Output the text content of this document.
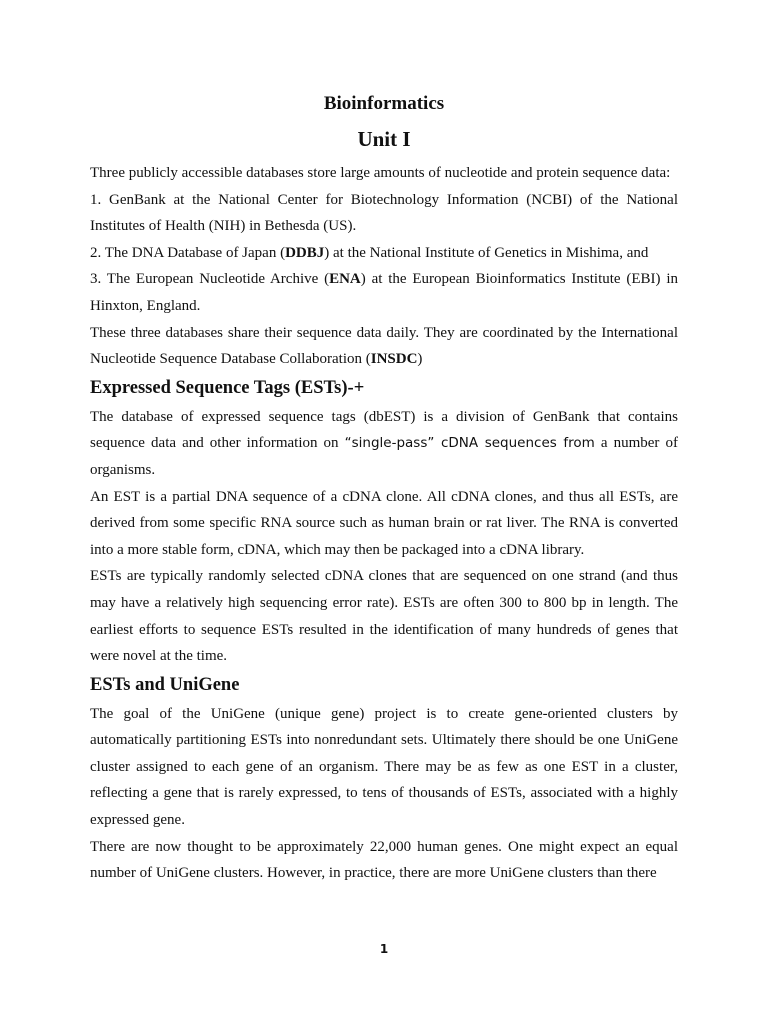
Bioinformatics
Unit I

Three publicly accessible databases store large amounts of nucleotide and protein sequence data:

1. GenBank at the National Center for Biotechnology Information (NCBI) of the National Institutes of Health (NIH) in Bethesda (US).

2. The DNA Database of Japan (DDBJ) at the National Institute of Genetics in Mishima, and

3. The European Nucleotide Archive (ENA) at the European Bioinformatics Institute (EBI) in Hinxton, England.

These three databases share their sequence data daily. They are coordinated by the International Nucleotide Sequence Database Collaboration (INSDC)

Expressed Sequence Tags (ESTs)-+

The database of expressed sequence tags (dbEST) is a division of GenBank that contains sequence data and other information on “single-pass” cDNA sequences from a number of organisms.

An EST is a partial DNA sequence of a cDNA clone. All cDNA clones, and thus all ESTs, are derived from some specific RNA source such as human brain or rat liver. The RNA is converted into a more stable form, cDNA, which may then be packaged into a cDNA library.

ESTs are typically randomly selected cDNA clones that are sequenced on one strand (and thus may have a relatively high sequencing error rate). ESTs are often 300 to 800 bp in length. The earliest efforts to sequence ESTs resulted in the identification of many hundreds of genes that were novel at the time.

ESTs and UniGene

The goal of the UniGene (unique gene) project is to create gene-oriented clusters by automatically partitioning ESTs into nonredundant sets. Ultimately there should be one UniGene cluster assigned to each gene of an organism. There may be as few as one EST in a cluster, reflecting a gene that is rarely expressed, to tens of thousands of ESTs, associated with a highly expressed gene.

There are now thought to be approximately 22,000 human genes. One might expect an equal number of UniGene clusters. However, in practice, there are more UniGene clusters than there

1
